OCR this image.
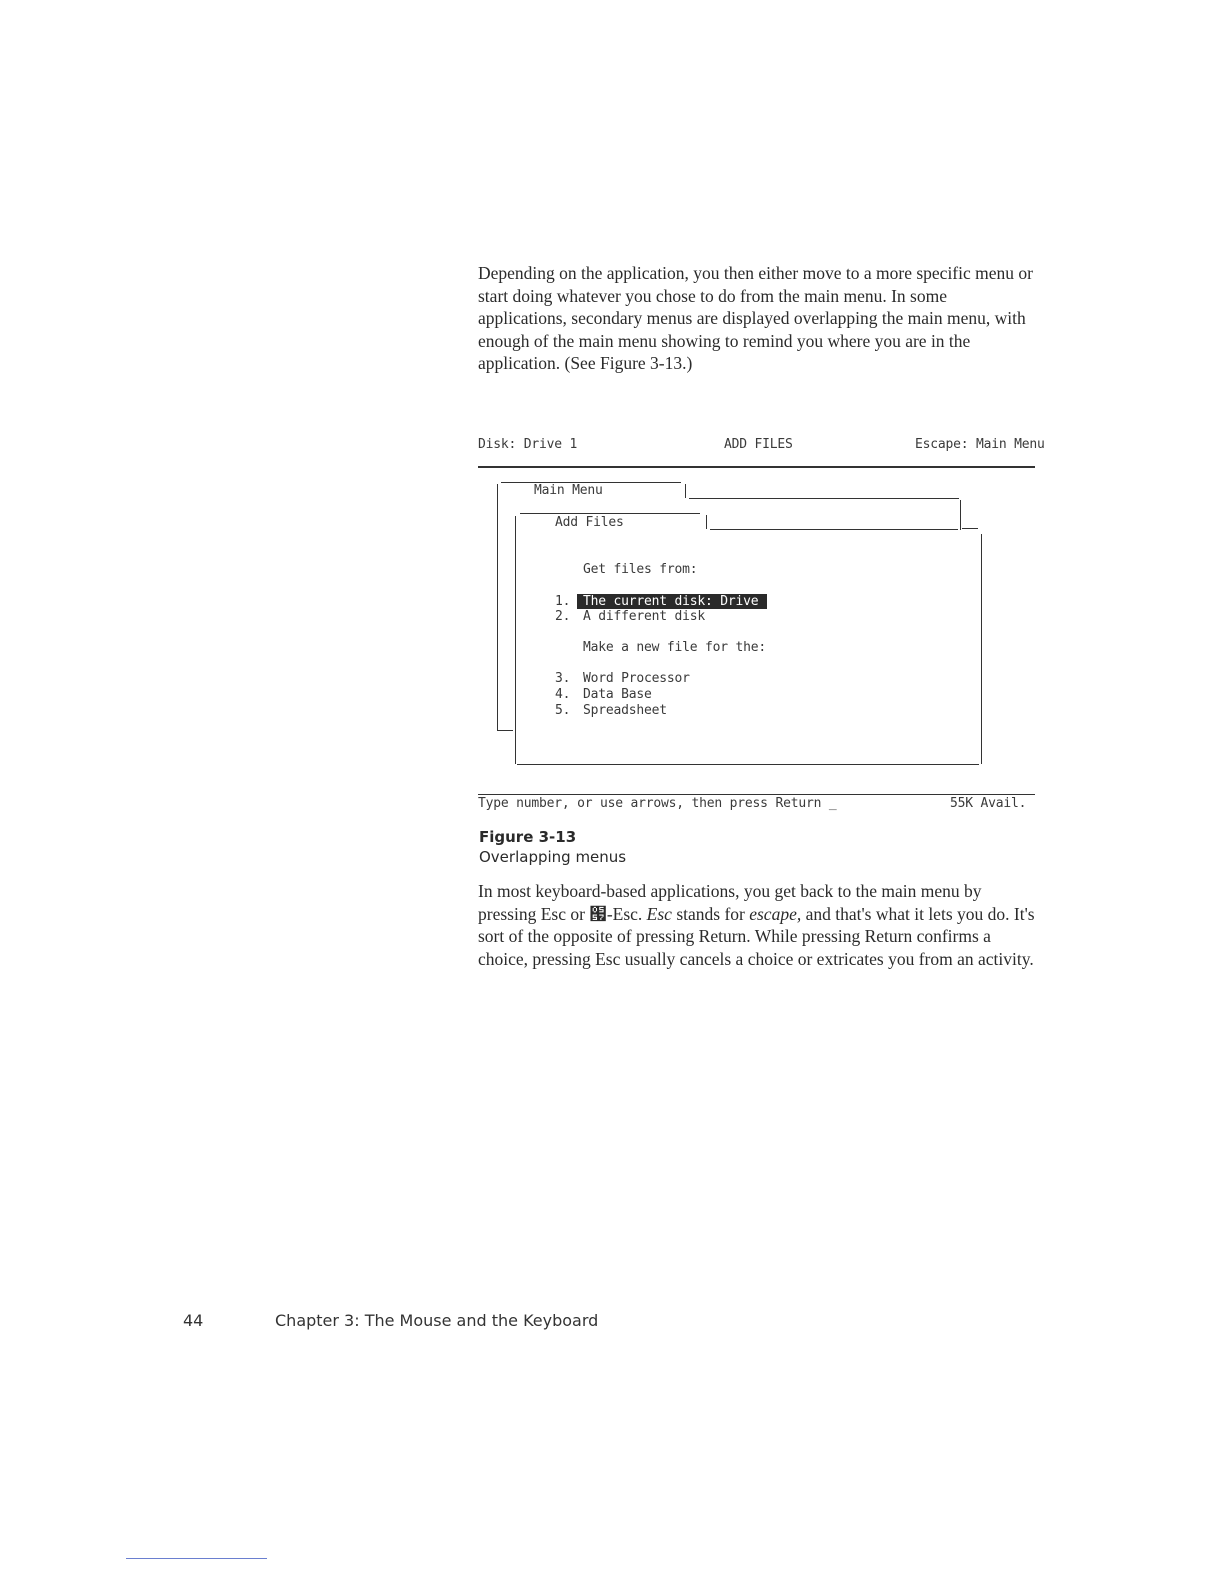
Depending on the application, you then either move to a more specific menu or start doing whatever you chose to do from the main menu. In some applications, secondary menus are displayed overlapping the main menu, with enough of the main menu showing to remind you where you are in the application. (See Figure 3-13.)

Disk: Drive 1	ADD FILES	Escape: Main Menu
Main Menu
Add Files
Get files from:
1. The current disk: Drive 1
2. A different disk
Make a new file for the:
3. Word Processor
4. Data Base
5. Spreadsheet
Type number, or use arrows, then press Return _	55K Avail.
Figure 3-13
Overlapping menus

In most keyboard-based applications, you get back to the main menu by pressing Esc or ՗-Esc. Esc stands for escape, and that's what it lets you do. It's sort of the opposite of pressing Return. While pressing Return confirms a choice, pressing Esc usually cancels a choice or extricates you from an activity.

44	Chapter 3: The Mouse and the Keyboard
